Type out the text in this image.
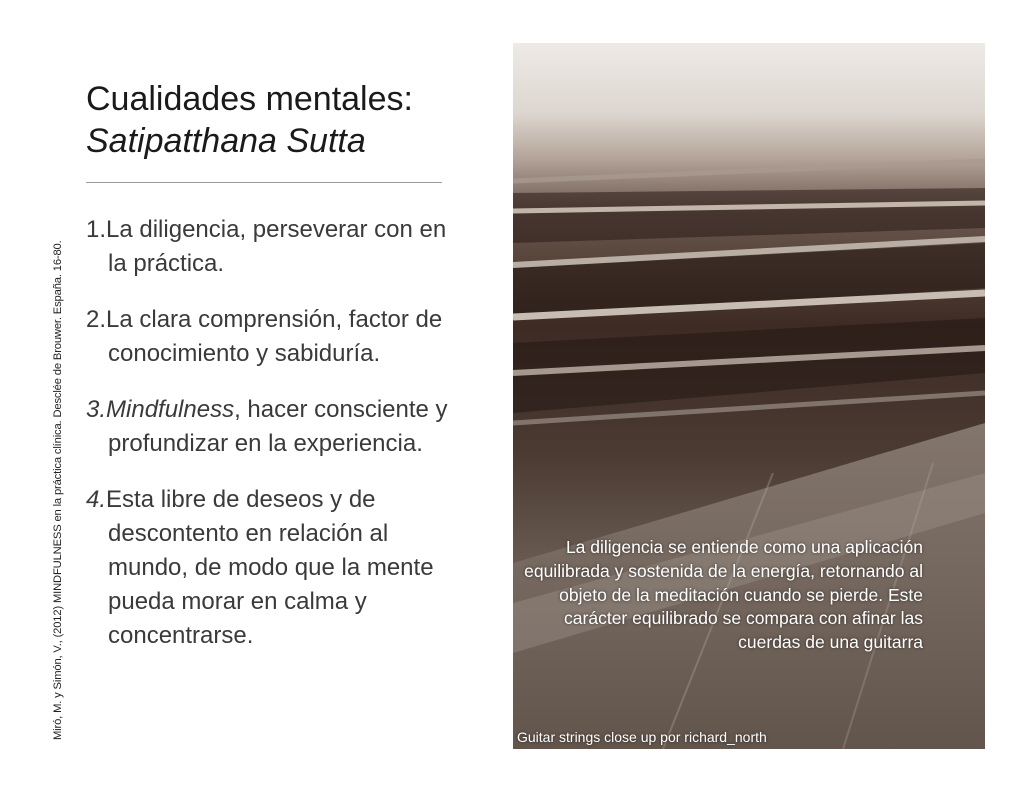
Miró, M. y Simón, V., (2012) MINDFULNESS en la práctica clínica. Desclée de Brouwer. España. 16-80.
Cualidades mentales:
Satipatthana Sutta
1.La diligencia, perseverar con en la práctica.
2.La clara comprensión, factor de conocimiento y sabiduría.
3.Mindfulness, hacer consciente y profundizar en la experiencia.
4.Esta libre de deseos y de descontento en relación al mundo, de modo que la mente pueda morar en calma y concentrarse.
La diligencia se entiende como una aplicación equilibrada y sostenida de la energía, retornando al objeto de la meditación cuando se pierde. Este carácter equilibrado se compara con afinar las cuerdas de una guitarra
Guitar strings close up por richard_north
